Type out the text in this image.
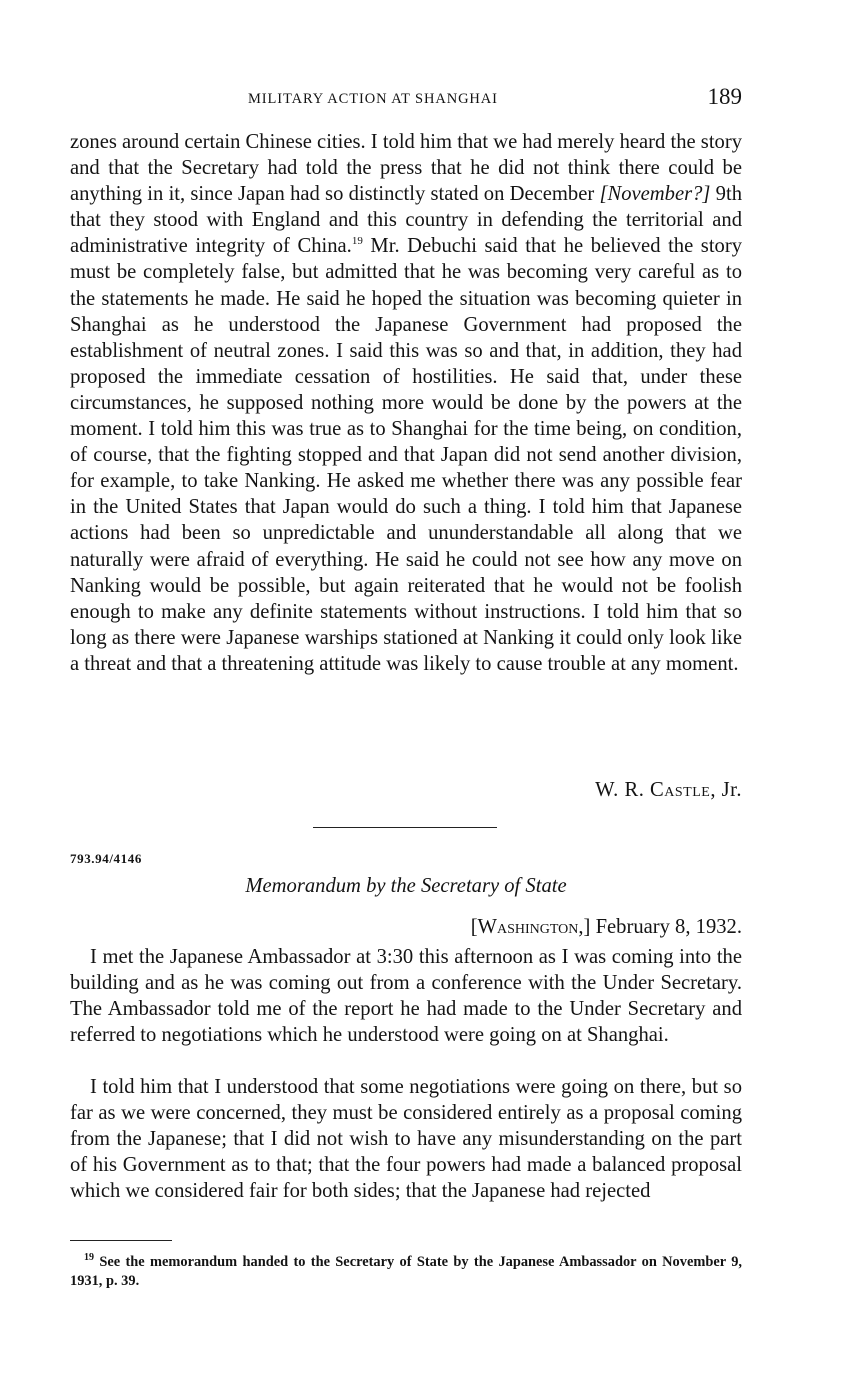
MILITARY ACTION AT SHANGHAI	189

zones around certain Chinese cities. I told him that we had merely heard the story and that the Secretary had told the press that he did not think there could be anything in it, since Japan had so distinctly stated on December [November?] 9th that they stood with England and this country in defending the territorial and administrative integrity of China.$^{19}$ Mr. Debuchi said that he believed the story must be completely false, but admitted that he was becoming very careful as to the statements he made. He said he hoped the situation was becoming quieter in Shanghai as he understood the Japanese Government had proposed the establishment of neutral zones. I said this was so and that, in addition, they had proposed the immediate cessation of hostilities. He said that, under these circumstances, he supposed nothing more would be done by the powers at the moment. I told him this was true as to Shanghai for the time being, on condition, of course, that the fighting stopped and that Japan did not send another division, for example, to take Nanking. He asked me whether there was any possible fear in the United States that Japan would do such a thing. I told him that Japanese actions had been so unpredictable and ununderstandable all along that we naturally were afraid of everything. He said he could not see how any move on Nanking would be possible, but again reiterated that he would not be foolish enough to make any definite statements without instructions. I told him that so long as there were Japanese warships stationed at Nanking it could only look like a threat and that a threatening attitude was likely to cause trouble at any moment.

W. R. Castle, Jr.
793.94/4146
Memorandum by the Secretary of State
[Washington,] February 8, 1932.

I met the Japanese Ambassador at 3:30 this afternoon as I was coming into the building and as he was coming out from a conference with the Under Secretary. The Ambassador told me of the report he had made to the Under Secretary and referred to negotiations which he understood were going on at Shanghai.

I told him that I understood that some negotiations were going on there, but so far as we were concerned, they must be considered entirely as a proposal coming from the Japanese; that I did not wish to have any misunderstanding on the part of his Government as to that; that the four powers had made a balanced proposal which we considered fair for both sides; that the Japanese had rejected

$^{19}$ See the memorandum handed to the Secretary of State by the Japanese Ambassador on November 9, 1931, p. 39.
